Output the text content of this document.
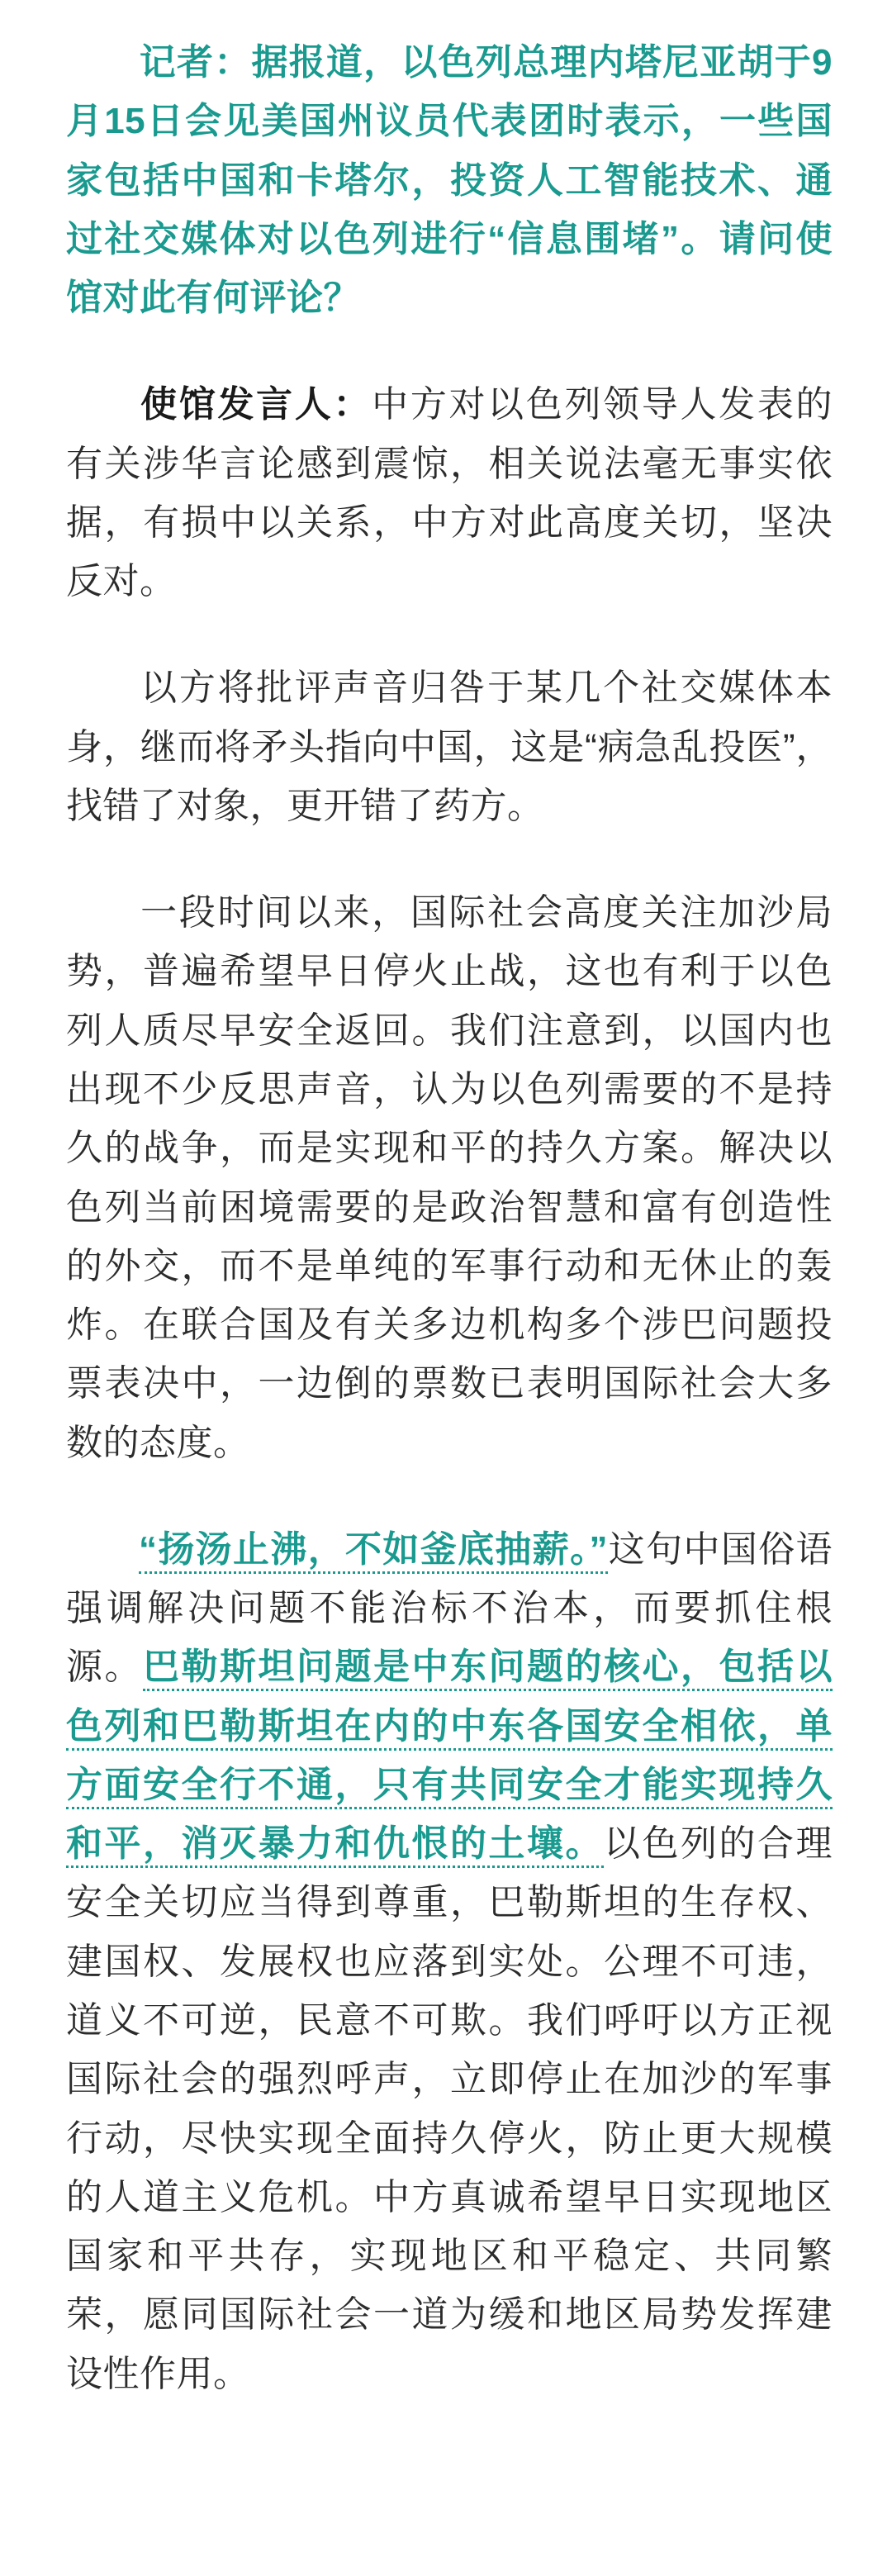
记者：据报道，以色列总理内塔尼亚胡于9月15日会见美国州议员代表团时表示，一些国家包括中国和卡塔尔，投资人工智能技术、通过社交媒体对以色列进行“信息围堵”。请问使馆对此有何评论？

使馆发言人：中方对以色列领导人发表的有关涉华言论感到震惊，相关说法毫无事实依据，有损中以关系，中方对此高度关切，坚决反对。

以方将批评声音归咎于某几个社交媒体本身，继而将矛头指向中国，这是“病急乱投医”，找错了对象，更开错了药方。

一段时间以来，国际社会高度关注加沙局势，普遍希望早日停火止战，这也有利于以色列人质尽早安全返回。我们注意到，以国内也出现不少反思声音，认为以色列需要的不是持久的战争，而是实现和平的持久方案。解决以色列当前困境需要的是政治智慧和富有创造性的外交，而不是单纯的军事行动和无休止的轰炸。在联合国及有关多边机构多个涉巴问题投票表决中，一边倒的票数已表明国际社会大多数的态度。

“扬汤止沸，不如釜底抽薪。”这句中国俗语强调解决问题不能治标不治本，而要抓住根源。巴勒斯坦问题是中东问题的核心，包括以色列和巴勒斯坦在内的中东各国安全相依，单方面安全行不通，只有共同安全才能实现持久和平，消灭暴力和仇恨的土壤。以色列的合理安全关切应当得到尊重，巴勒斯坦的生存权、建国权、发展权也应落到实处。公理不可违，道义不可逆，民意不可欺。我们呼吁以方正视国际社会的强烈呼声，立即停止在加沙的军事行动，尽快实现全面持久停火，防止更大规模的人道主义危机。中方真诚希望早日实现地区国家和平共存，实现地区和平稳定、共同繁荣，愿同国际社会一道为缓和地区局势发挥建设性作用。
